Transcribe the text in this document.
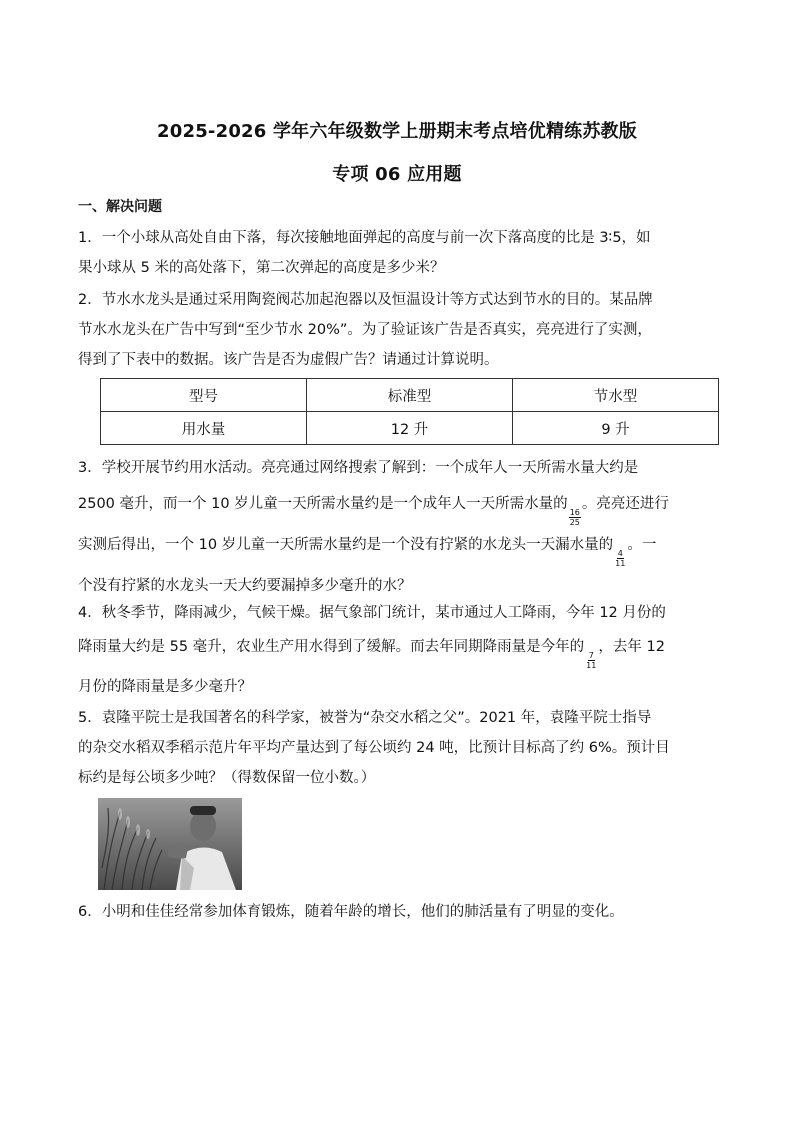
2025-2026 学年六年级数学上册期末考点培优精练苏教版
专项 06 应用题
一、解决问题
1．一个小球从高处自由下落，每次接触地面弹起的高度与前一次下落高度的比是 3∶5，如
果小球从 5 米的高处落下，第二次弹起的高度是多少米？
2．节水水龙头是通过采用陶瓷阀芯加起泡器以及恒温设计等方式达到节水的目的。某品牌
节水水龙头在广告中写到“至少节水 20%”。为了验证该广告是否真实，亮亮进行了实测，
得到了下表中的数据。该广告是否为虚假广告？请通过计算说明。
型号	标准型	节水型
用水量	12 升	9 升
3．学校开展节约用水活动。亮亮通过网络搜索了解到：一个成年人一天所需水量大约是
2500 毫升，而一个 10 岁儿童一天所需水量约是一个成年人一天所需水量的
$\frac{16}{25}$
。亮亮还进行
实测后得出，一个 10 岁儿童一天所需水量约是一个没有拧紧的水龙头一天漏水量的
$\frac{4}{11}$
。一
个没有拧紧的水龙头一天大约要漏掉多少毫升的水？
4．秋冬季节，降雨减少，气候干燥。据气象部门统计，某市通过人工降雨，今年 12 月份的
降雨量大约是 55 毫升，农业生产用水得到了缓解。而去年同期降雨量是今年的
$\frac{7}{11}$
，去年 12
月份的降雨量是多少毫升？
5．袁隆平院士是我国著名的科学家，被誉为“杂交水稻之父”。2021 年，袁隆平院士指导
的杂交水稻双季稻示范片年平均产量达到了每公顷约 24 吨，比预计目标高了约 6%。预计目
标约是每公顷多少吨？（得数保留一位小数。）
6．小明和佳佳经常参加体育锻炼，随着年龄的增长，他们的肺活量有了明显的变化。
